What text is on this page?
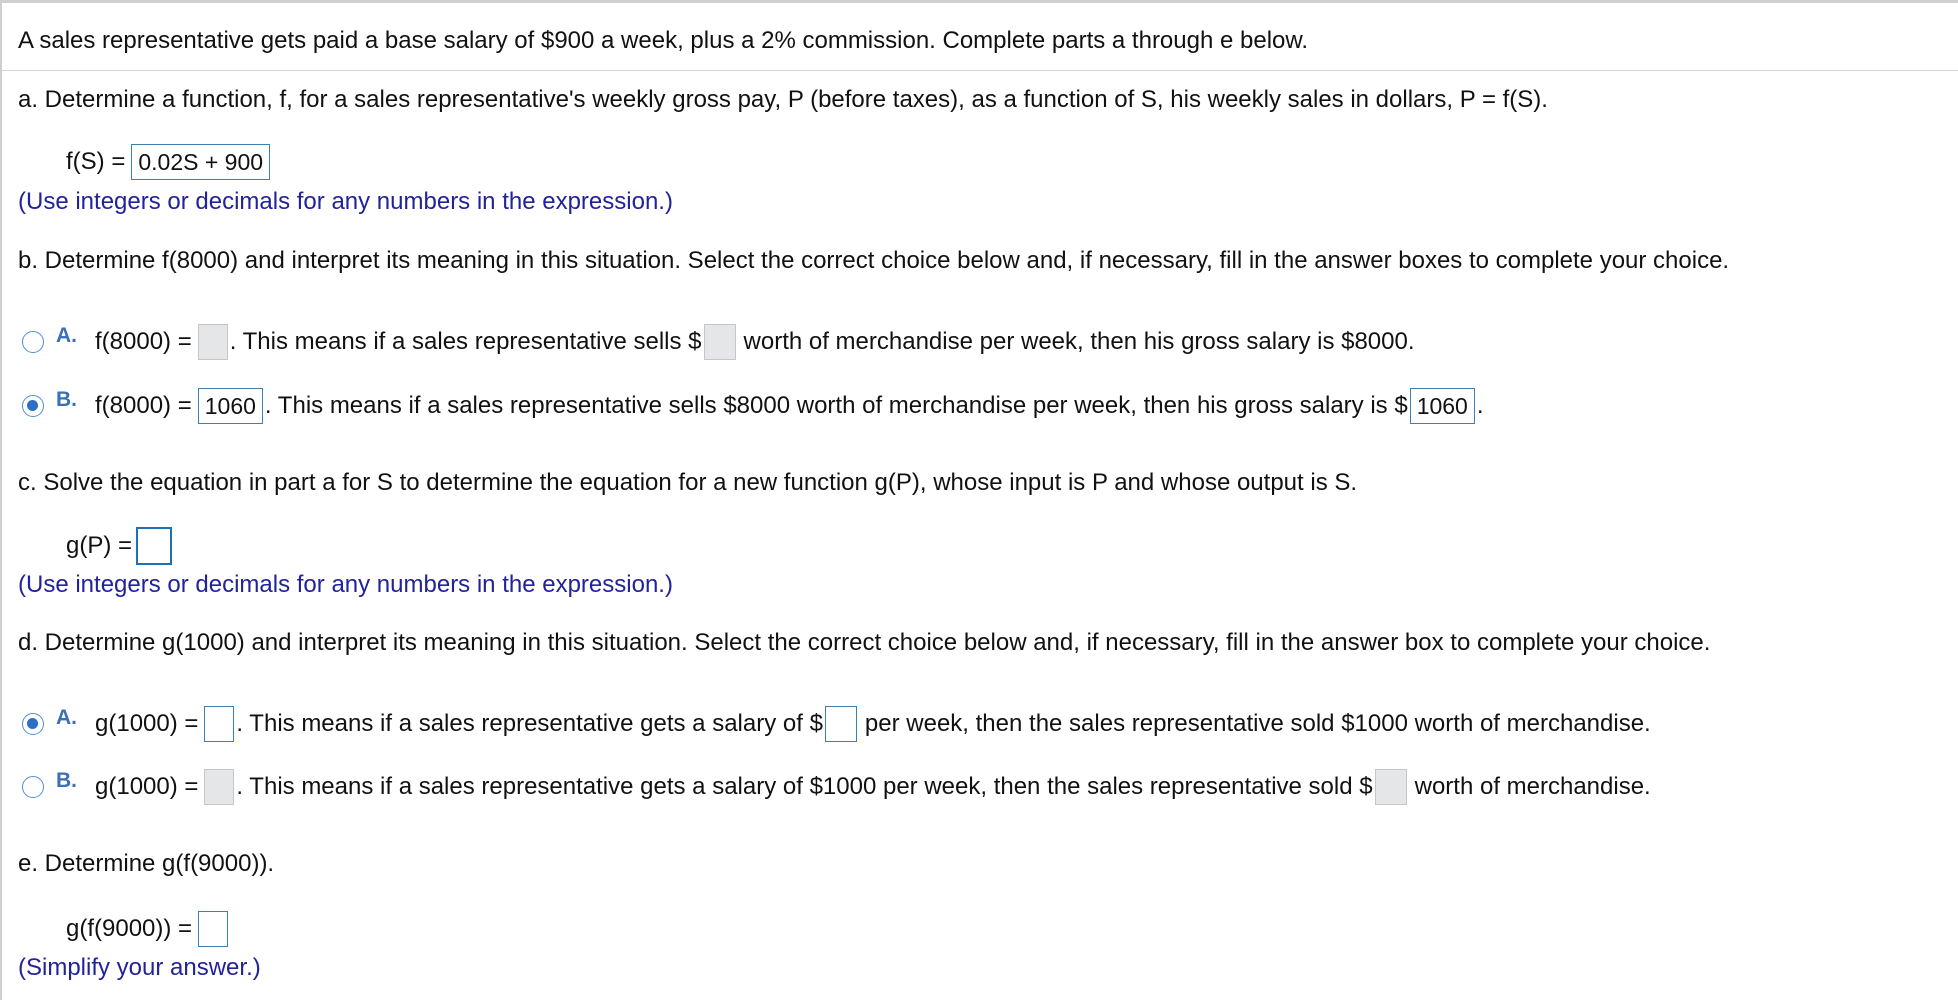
A sales representative gets paid a base salary of $900 a week, plus a 2% commission. Complete parts a through e below.
a. Determine a function, f, for a sales representative's weekly gross pay, P (before taxes), as a function of S, his weekly sales in dollars, P = f(S).
f(S) = 0.02S + 900
(Use integers or decimals for any numbers in the expression.)
b. Determine f(8000) and interpret its meaning in this situation. Select the correct choice below and, if necessary, fill in the answer boxes to complete your choice.
A. f(8000) = . This means if a sales representative sells $ worth of merchandise per week, then his gross salary is $8000.
B. f(8000) = 1060 . This means if a sales representative sells $8000 worth of merchandise per week, then his gross salary is $ 1060 .
c. Solve the equation in part a for S to determine the equation for a new function g(P), whose input is P and whose output is S.
g(P) =
(Use integers or decimals for any numbers in the expression.)
d. Determine g(1000) and interpret its meaning in this situation. Select the correct choice below and, if necessary, fill in the answer box to complete your choice.
A. g(1000) = . This means if a sales representative gets a salary of $ per week, then the sales representative sold $1000 worth of merchandise.
B. g(1000) = . This means if a sales representative gets a salary of $1000 per week, then the sales representative sold $ worth of merchandise.
e. Determine g(f(9000)).
g(f(9000)) =
(Simplify your answer.)
